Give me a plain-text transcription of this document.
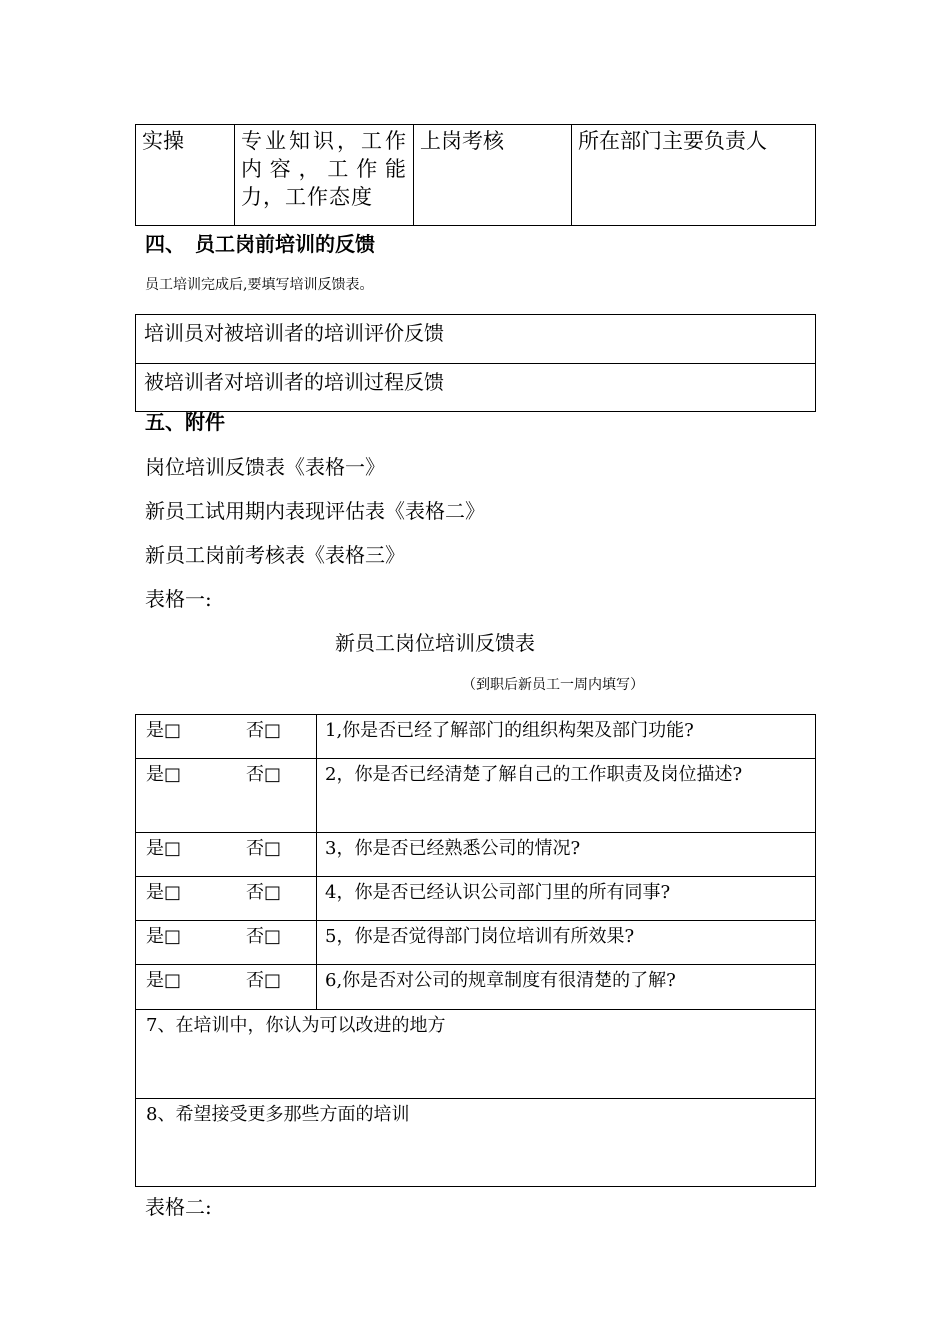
实操	专业知识，工作内容，工作能力，工作态度	上岗考核	所在部门主要负责人
四、　员工岗前培训的反馈
员工培训完成后,要填写培训反馈表。
培训员对被培训者的培训评价反馈
被培训者对培训者的培训过程反馈
五、附件
岗位培训反馈表《表格一》
新员工试用期内表现评估表《表格二》
新员工岗前考核表《表格三》
表格一:
新员工岗位培训反馈表
（到职后新员工一周内填写）
是□ 否□	1,你是否已经了解部门的组织构架及部门功能?

是□ 否□	2，你是否已经清楚了解自己的工作职责及岗位描述?

是□ 否□	3，你是否已经熟悉公司的情况?

是□ 否□	4，你是否已经认识公司部门里的所有同事?

是□ 否□	5，你是否觉得部门岗位培训有所效果?

是□ 否□	6,你是否对公司的规章制度有很清楚的了解?
7、在培训中，你认为可以改进的地方	
8、希望接受更多那些方面的培训	
表格二:
